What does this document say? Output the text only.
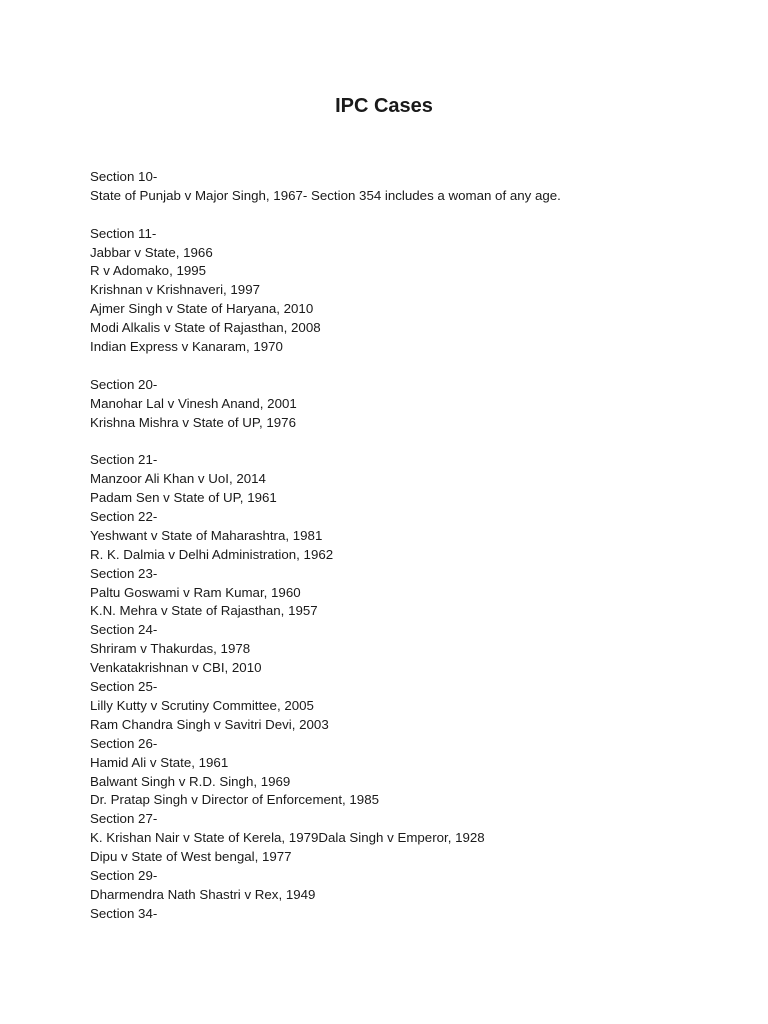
IPC Cases
Section 10-
State of Punjab v Major Singh, 1967- Section 354 includes a woman of any age.
Section 11-
Jabbar v State, 1966
R v Adomako, 1995
Krishnan v Krishnaveri, 1997
Ajmer Singh v State of Haryana, 2010
Modi Alkalis v State of Rajasthan, 2008
Indian Express v Kanaram, 1970
Section 20-
Manohar Lal v Vinesh Anand, 2001
Krishna Mishra v State of UP, 1976
Section 21-
Manzoor Ali Khan v UoI, 2014
Padam Sen v State of UP, 1961
Section 22-
Yeshwant v State of Maharashtra, 1981
R. K. Dalmia v Delhi Administration, 1962
Section 23-
Paltu Goswami v Ram Kumar, 1960
K.N. Mehra v State of Rajasthan, 1957
Section 24-
Shriram v Thakurdas, 1978
Venkatakrishnan v CBI, 2010
Section 25-
Lilly Kutty v Scrutiny Committee, 2005
Ram Chandra Singh v Savitri Devi, 2003
Section 26-
Hamid Ali v State, 1961
Balwant Singh v R.D. Singh, 1969
Dr. Pratap Singh v Director of Enforcement, 1985
Section 27-
K. Krishan Nair v State of Kerela, 1979Dala Singh v Emperor, 1928
Dipu v State of West bengal, 1977
Section 29-
Dharmendra Nath Shastri v Rex, 1949
Section 34-
